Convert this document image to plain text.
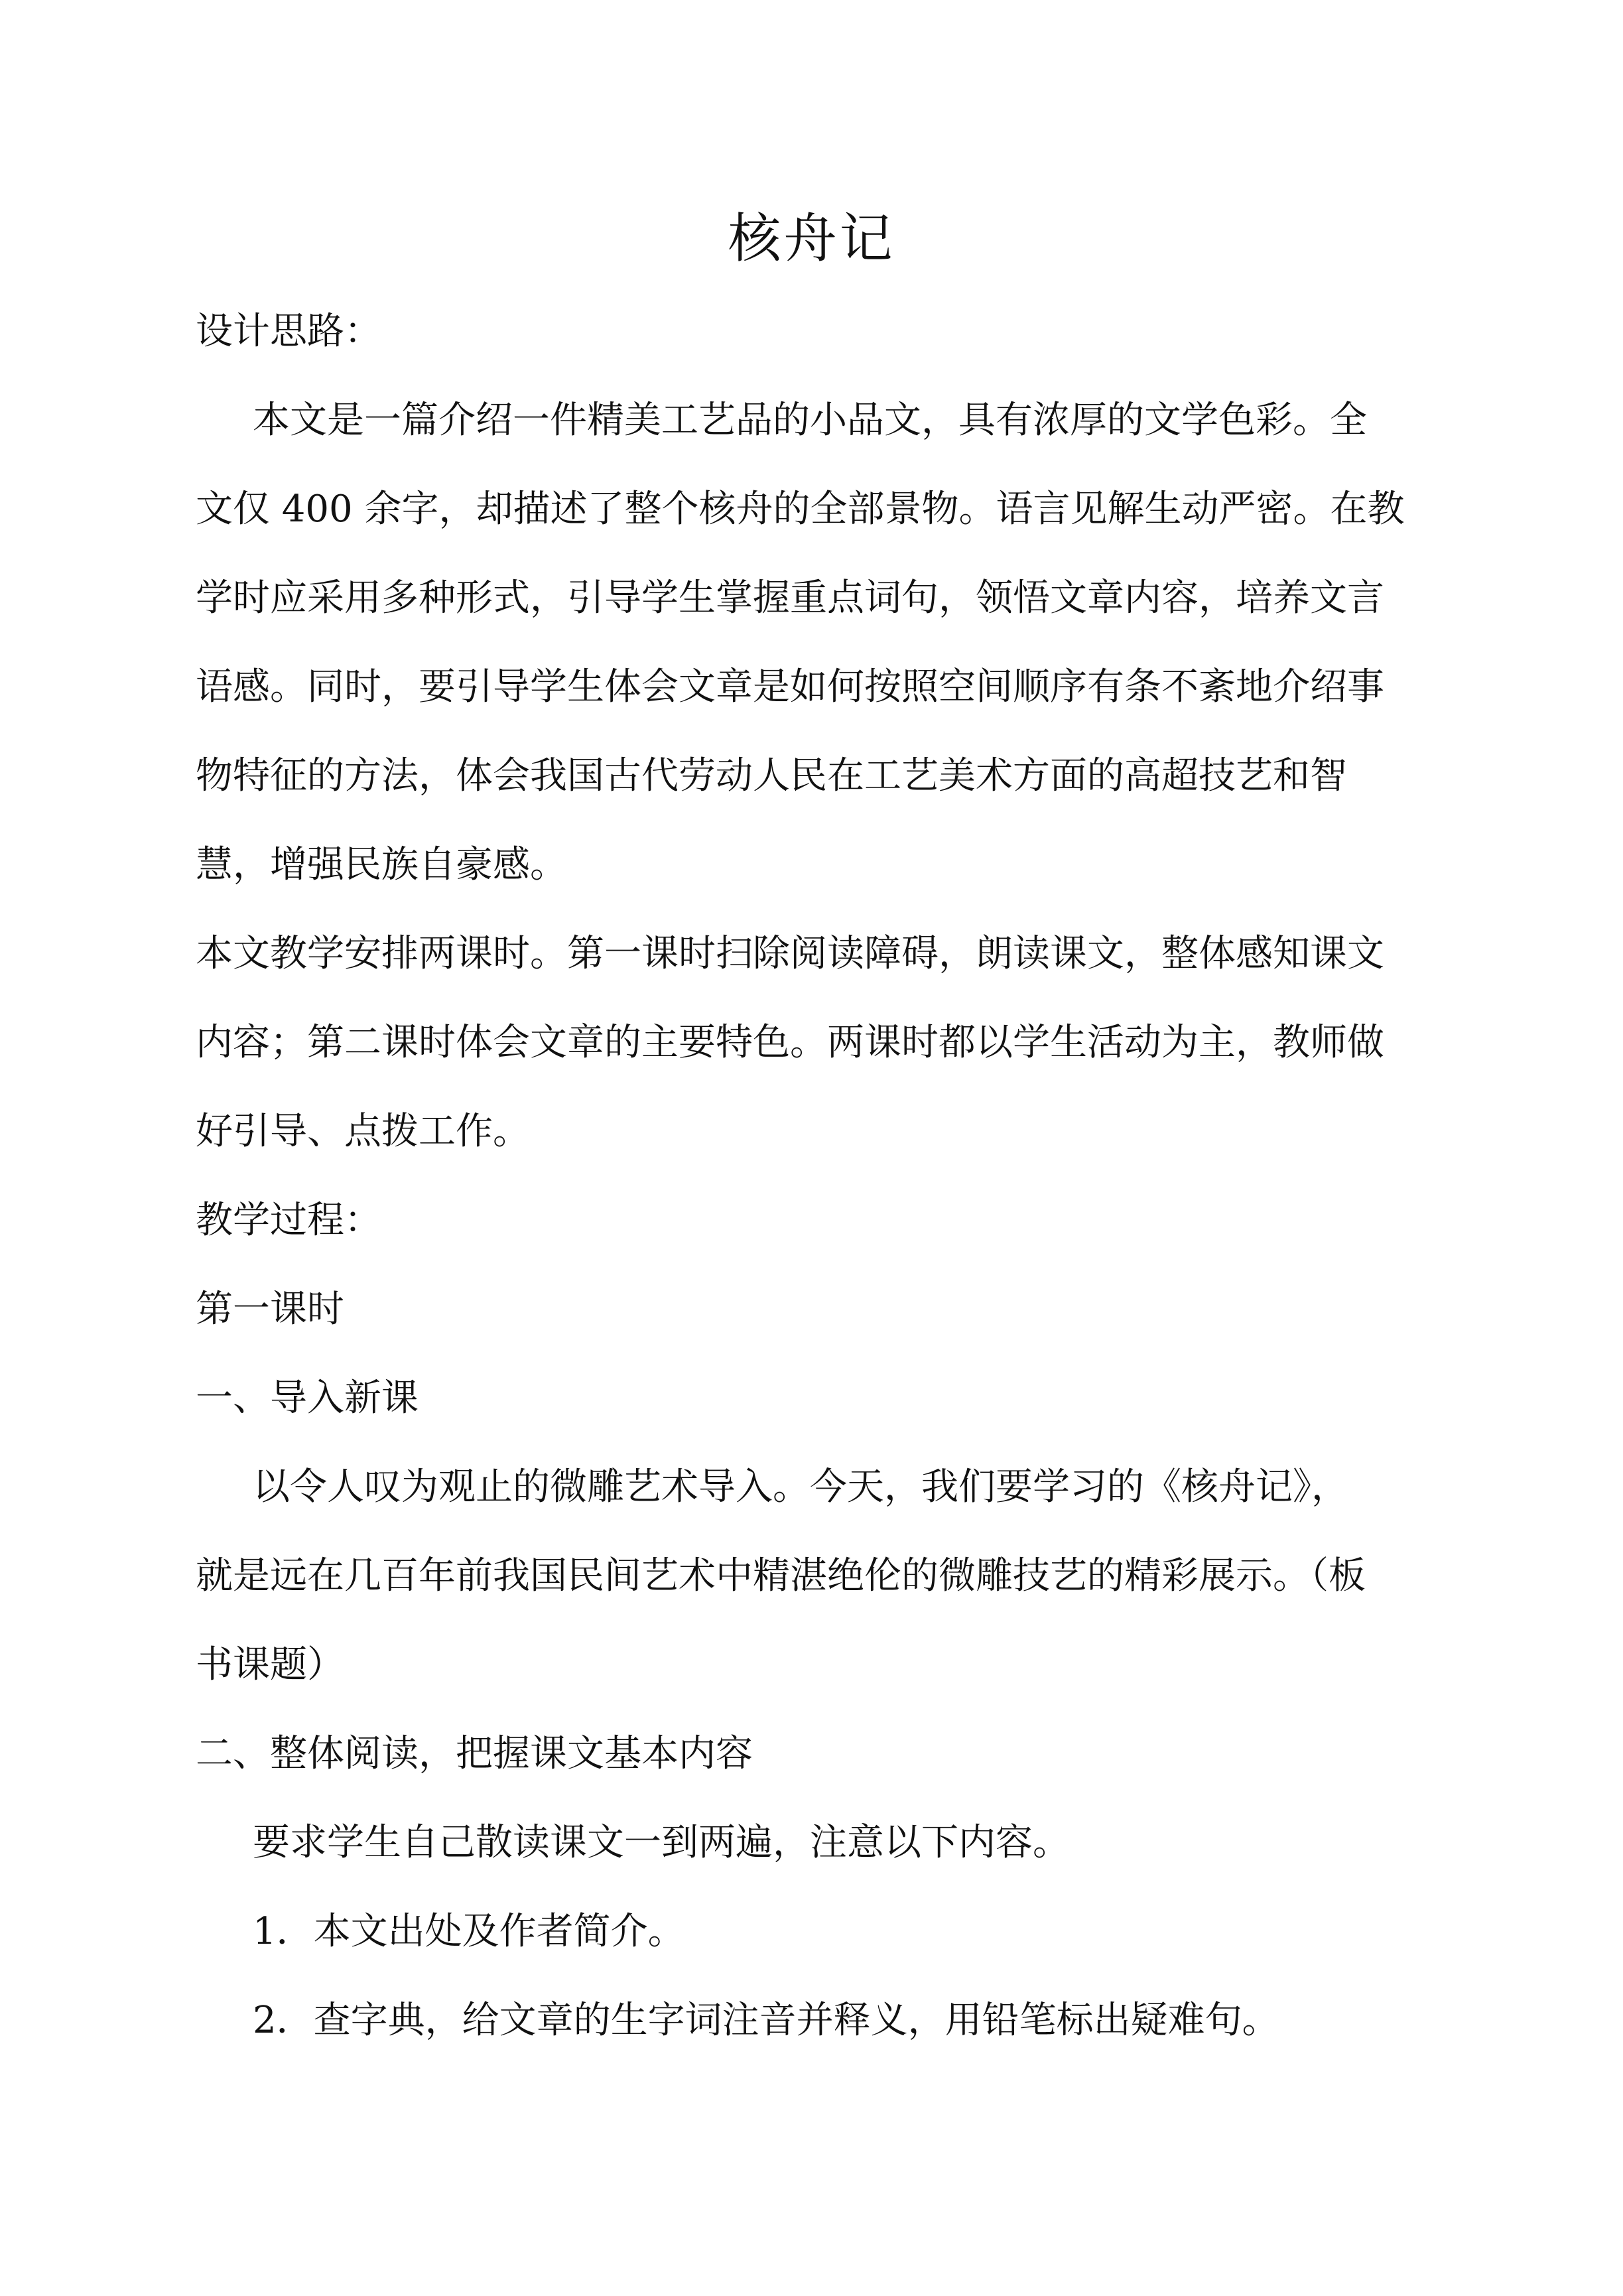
核舟记
设计思路：
本文是一篇介绍一件精美工艺品的小品文，具有浓厚的文学色彩。全
文仅 400 余字，却描述了整个核舟的全部景物。语言见解生动严密。在教
学时应采用多种形式，引导学生掌握重点词句，领悟文章内容，培养文言
语感。同时，要引导学生体会文章是如何按照空间顺序有条不紊地介绍事
物特征的方法，体会我国古代劳动人民在工艺美术方面的高超技艺和智
慧，增强民族自豪感。
本文教学安排两课时。第一课时扫除阅读障碍，朗读课文，整体感知课文
内容；第二课时体会文章的主要特色。两课时都以学生活动为主，教师做
好引导、点拨工作。
教学过程：
第一课时
一、导入新课
以令人叹为观止的微雕艺术导入。今天，我们要学习的《核舟记》，
就是远在几百年前我国民间艺术中精湛绝伦的微雕技艺的精彩展示。（板
书课题）
二、整体阅读，把握课文基本内容
要求学生自己散读课文一到两遍，注意以下内容。
1．本文出处及作者简介。
2．查字典，给文章的生字词注音并释义，用铅笔标出疑难句。
